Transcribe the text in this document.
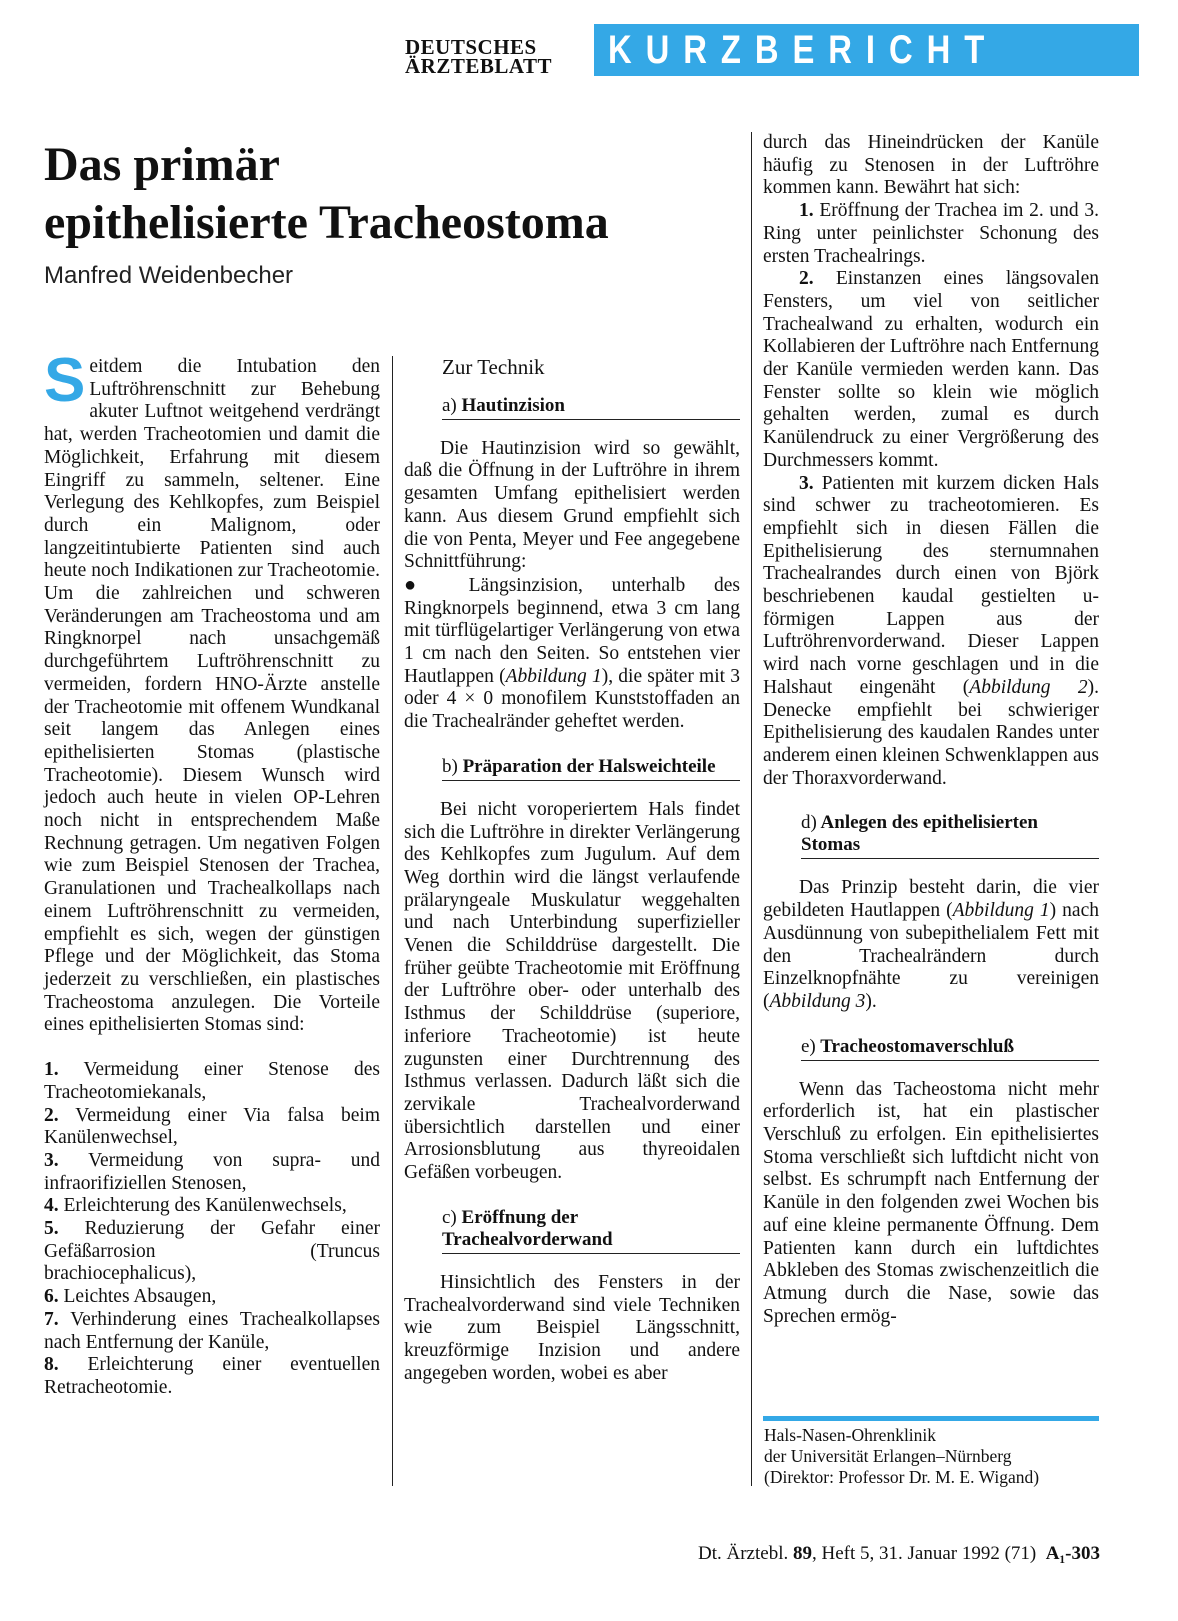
DEUTSCHES
ÄRZTEBLATT	KURZBERICHT
Das primär
epithelisierte Tracheostoma
Manfred Weidenbecher

Seitdem die Intubation den Luftröhrenschnitt zur Behebung akuter Luftnot weitgehend verdrängt hat, werden Tracheotomien und damit die Möglichkeit, Erfahrung mit diesem Eingriff zu sammeln, seltener. Eine Verlegung des Kehlkopfes, zum Beispiel durch ein Malignom, oder langzeitintubierte Patienten sind auch heute noch Indikationen zur Tracheotomie. Um die zahlreichen und schweren Veränderungen am Tracheostoma und am Ringknorpel nach unsachgemäß durchgeführtem Luftröhrenschnitt zu vermeiden, fordern HNO-Ärzte anstelle der Tracheotomie mit offenem Wundkanal seit langem das Anlegen eines epithelisierten Stomas (plastische Tracheotomie). Diesem Wunsch wird jedoch auch heute in vielen OP-Lehren noch nicht in entsprechendem Maße Rechnung getragen. Um negativen Folgen wie zum Beispiel Stenosen der Trachea, Granulationen und Trachealkollaps nach einem Luftröhrenschnitt zu vermeiden, empfiehlt es sich, wegen der günstigen Pflege und der Möglichkeit, das Stoma jederzeit zu verschließen, ein plastisches Tracheostoma anzulegen. Die Vorteile eines epithelisierten Stomas sind:

1. Vermeidung einer Stenose des Tracheotomiekanals,

2. Vermeidung einer Via falsa beim Kanülenwechsel,

3. Vermeidung von supra- und infraorifiziellen Stenosen,

4. Erleichterung des Kanülenwechsels,

5. Reduzierung der Gefahr einer Gefäßarrosion (Truncus brachiocephalicus),

6. Leichtes Absaugen,

7. Verhinderung eines Trachealkollapses nach Entfernung der Kanüle,

8. Erleichterung einer eventuellen Retracheotomie.

Zur Technik
a) Hautinzision

Die Hautinzision wird so gewählt, daß die Öffnung in der Luftröhre in ihrem gesamten Umfang epithelisiert werden kann. Aus diesem Grund empfiehlt sich die von Penta, Meyer und Fee angegebene Schnittführung:

● Längsinzision, unterhalb des Ringknorpels beginnend, etwa 3 cm lang mit türflügelartiger Verlängerung von etwa 1 cm nach den Seiten. So entstehen vier Hautlappen (Abbildung 1), die später mit 3 oder 4 × 0 monofilem Kunststoffaden an die Trachealränder geheftet werden.

b) Präparation der Halsweichteile

Bei nicht voroperiertem Hals findet sich die Luftröhre in direkter Verlängerung des Kehlkopfes zum Jugulum. Auf dem Weg dorthin wird die längst verlaufende prälaryngeale Muskulatur weggehalten und nach Unterbindung superfizieller Venen die Schilddrüse dargestellt. Die früher geübte Tracheotomie mit Eröffnung der Luftröhre ober- oder unterhalb des Isthmus der Schilddrüse (superiore, inferiore Tracheotomie) ist heute zugunsten einer Durchtrennung des Isthmus verlassen. Dadurch läßt sich die zervikale Trachealvorderwand übersichtlich darstellen und einer Arrosionsblutung aus thyreoidalen Gefäßen vorbeugen.

c) Eröffnung der Trachealvorderwand

Hinsichtlich des Fensters in der Trachealvorderwand sind viele Techniken wie zum Beispiel Längsschnitt, kreuzförmige Inzision und andere angegeben worden, wobei es aber

durch das Hineindrücken der Kanüle häufig zu Stenosen in der Luftröhre kommen kann. Bewährt hat sich:

1. Eröffnung der Trachea im 2. und 3. Ring unter peinlichster Schonung des ersten Trachealrings.

2. Einstanzen eines längsovalen Fensters, um viel von seitlicher Trachealwand zu erhalten, wodurch ein Kollabieren der Luftröhre nach Entfernung der Kanüle vermieden werden kann. Das Fenster sollte so klein wie möglich gehalten werden, zumal es durch Kanülendruck zu einer Vergrößerung des Durchmessers kommt.

3. Patienten mit kurzem dicken Hals sind schwer zu tracheotomieren. Es empfiehlt sich in diesen Fällen die Epithelisierung des sternumnahen Trachealrandes durch einen von Björk beschriebenen kaudal gestielten u-förmigen Lappen aus der Luftröhrenvorderwand. Dieser Lappen wird nach vorne geschlagen und in die Halshaut eingenäht (Abbildung 2). Denecke empfiehlt bei schwieriger Epithelisierung des kaudalen Randes unter anderem einen kleinen Schwenklappen aus der Thoraxvorderwand.

d) Anlegen des epithelisierten Stomas

Das Prinzip besteht darin, die vier gebildeten Hautlappen (Abbildung 1) nach Ausdünnung von subepithelialem Fett mit den Trachealrändern durch Einzelknopfnähte zu vereinigen (Abbildung 3).

e) Tracheostomaverschluß

Wenn das Tacheostoma nicht mehr erforderlich ist, hat ein plastischer Verschluß zu erfolgen. Ein epithelisiertes Stoma verschließt sich luftdicht nicht von selbst. Es schrumpft nach Entfernung der Kanüle in den folgenden zwei Wochen bis auf eine kleine permanente Öffnung. Dem Patienten kann durch ein luftdichtes Abkleben des Stomas zwischenzeitlich die Atmung durch die Nase, sowie das Sprechen ermög-

Hals-Nasen-Ohrenklinik
der Universität Erlangen–Nürnberg
(Direktor: Professor Dr. M. E. Wigand)
Dt. Ärztebl. 89, Heft 5, 31. Januar 1992 (71) A₁-303
